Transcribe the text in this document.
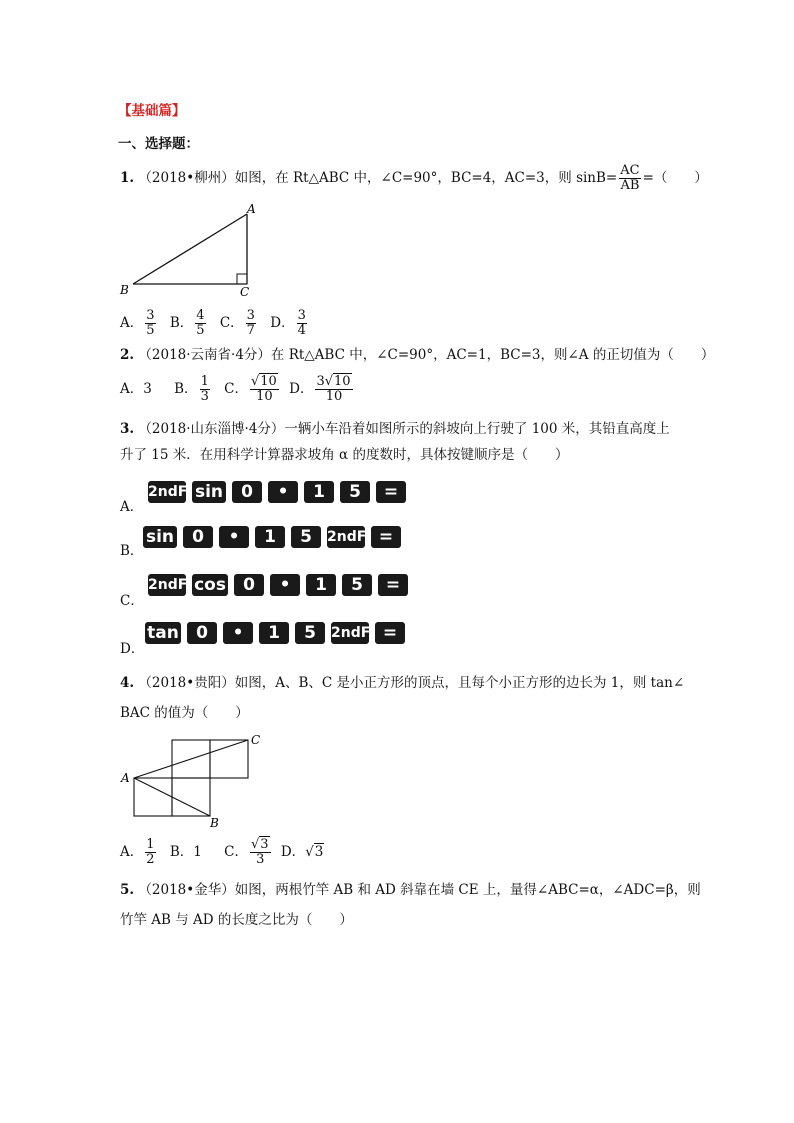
【基础篇】
一、选择题：
1. （2018•柳州）如图，在 Rt△ABC 中，∠C=90°，BC=4，AC=3，则 $\sin B= \frac{AC}{AB}$ =（　　）
A
B	C
A． $\frac{3}{5}$ B． $\frac{4}{5}$ C． $\frac{3}{7}$ D． $\frac{3}{4}$
2. （2018·云南省·4分）在 Rt△ABC 中，∠C=90°，AC=1，BC=3，则∠A 的正切值为（　　）
A．3 B． $\frac{1}{3}$ C． $\frac{√10}{10}$ D． $\frac{3√10}{10}$
3. （2018·山东淄博·4分）一辆小车沿着如图所示的斜坡向上行驶了 100 米，其铅直高度上
升了 15 米．在用科学计算器求坡角 α 的度数时，具体按键顺序是（　　）
A．
2ndF sin	0	•	1	5	=
B．
sin	0	•	1	5	2ndF =
C．
2ndF cos	0	•	1	5	=
D．
tan	0	•	1	5	2ndF =
4. （2018•贵阳）如图，A、B、C 是小正方形的顶点，且每个小正方形的边长为 1，则 tan∠
BAC 的值为（　　）
A
B
C
A． $\frac{1}{2}$ B．1 C． $\frac{√3}{3}$ D．√3
5. （2018•金华）如图，两根竹竿 AB 和 AD 斜靠在墙 CE 上，量得∠ABC=α，∠ADC=β，则
竹竿 AB 与 AD 的长度之比为（　　）
